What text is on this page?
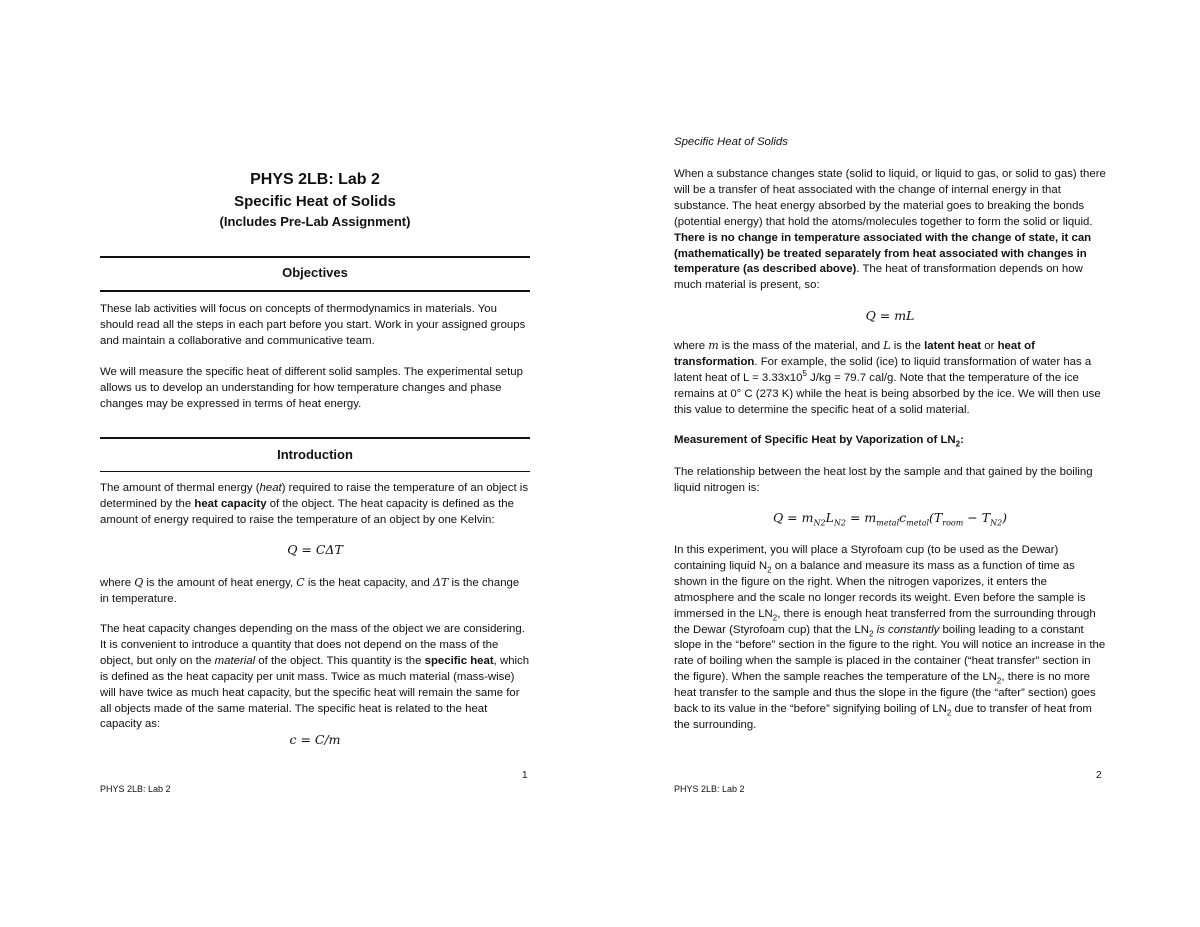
PHYS 2LB: Lab 2
Specific Heat of Solids
(Includes Pre-Lab Assignment)
Objectives

These lab activities will focus on concepts of thermodynamics in materials. You should read all the steps in each part before you start. Work in your assigned groups and maintain a collaborative and communicative team.

We will measure the specific heat of different solid samples. The experimental setup allows us to develop an understanding for how temperature changes and phase changes may be expressed in terms of heat energy.

Introduction

The amount of thermal energy (heat) required to raise the temperature of an object is determined by the heat capacity of the object. The heat capacity is defined as the amount of energy required to raise the temperature of an object by one Kelvin:

Q = CΔT

where Q is the amount of heat energy, C is the heat capacity, and ΔT is the change in temperature.

The heat capacity changes depending on the mass of the object we are considering. It is convenient to introduce a quantity that does not depend on the mass of the object, but only on the material of the object. This quantity is the specific heat, which is defined as the heat capacity per unit mass. Twice as much material (mass-wise) will have twice as much heat capacity, but the specific heat will remain the same for all objects made of the same material. The specific heat is related to the heat capacity as:

c = C/m
1
PHYS 2LB: Lab 2
Specific Heat of Solids

When a substance changes state (solid to liquid, or liquid to gas, or solid to gas) there will be a transfer of heat associated with the change of internal energy in that substance. The heat energy absorbed by the material goes to breaking the bonds (potential energy) that hold the atoms/molecules together to form the solid or liquid. There is no change in temperature associated with the change of state, it can (mathematically) be treated separately from heat associated with changes in temperature (as described above). The heat of transformation depends on how much material is present, so:

Q = mL

where m is the mass of the material, and L is the latent heat or heat of transformation. For example, the solid (ice) to liquid transformation of water has a latent heat of $L = 3.33x10^5$ J/kg = 79.7 cal/g. Note that the temperature of the ice remains at 0° C (273 K) while the heat is being absorbed by the ice. We will then use this value to determine the specific heat of a solid material.

Measurement of Specific Heat by Vaporization of $LN_2$:

The relationship between the heat lost by the sample and that gained by the boiling liquid nitrogen is:

$Q = m_{N2}L_{N2} = m_{metal}c_{metal}(T_{room} - T_{N2})$

In this experiment, you will place a Styrofoam cup (to be used as the Dewar) containing liquid $N_2$ on a balance and measure its mass as a function of time as shown in the figure on the right. When the nitrogen vaporizes, it enters the atmosphere and the scale no longer records its weight. Even before the sample is immersed in the $LN_2$, there is enough heat transferred from the surrounding through the Dewar (Styrofoam cup) that the $LN_2$ is constantly boiling leading to a constant slope in the “before” section in the figure to the right. You will notice an increase in the rate of boiling when the sample is placed in the container (“heat transfer” section in the figure). When the sample reaches the temperature of the $LN_2$, there is no more heat transfer to the sample and thus the slope in the figure (the “after” section) goes back to its value in the “before” signifying boiling of $LN_2$ due to transfer of heat from the surrounding.

2
PHYS 2LB: Lab 2
